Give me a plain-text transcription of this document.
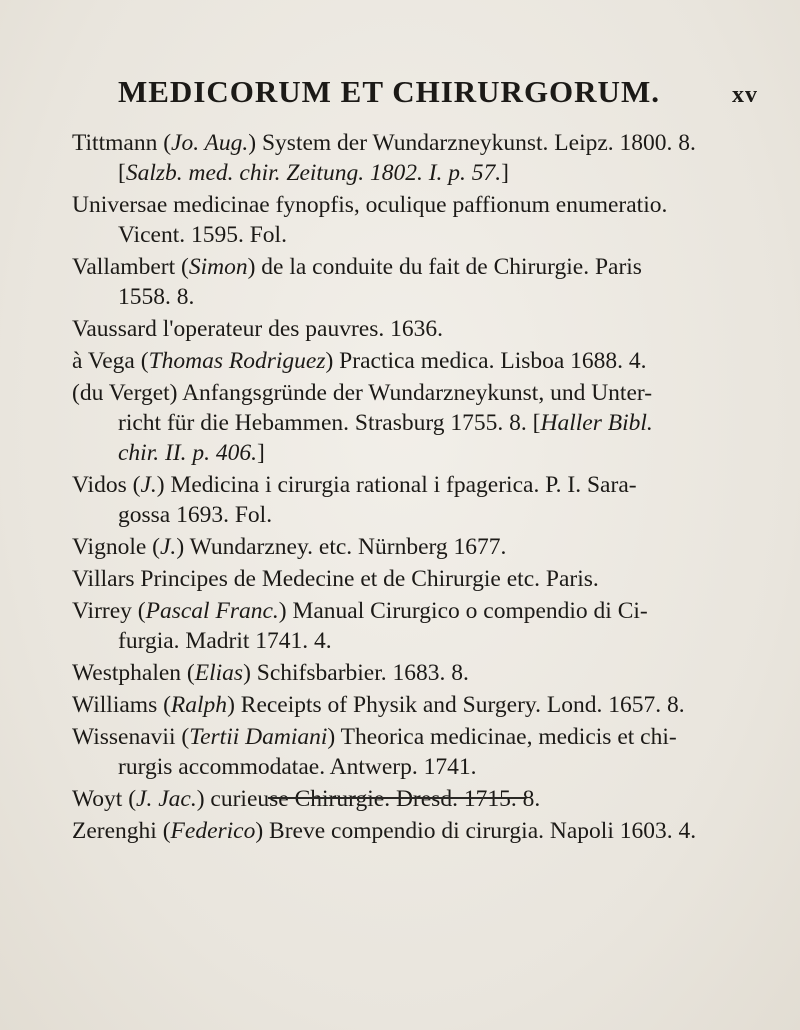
MEDICORUM ET CHIRURGORUM.	xv
Tittmann (Jo. Aug.) System der Wundarzneykunst. Leipz. 1800. 8.
[Salzb. med. chir. Zeitung. 1802. I. p. 57.]
Universae medicinae fynopfis, oculique paffionum enumeratio.
Vicent. 1595. Fol.
Vallambert (Simon) de la conduite du fait de Chirurgie. Paris
1558. 8.
Vaussard l'operateur des pauvres. 1636.
à Vega (Thomas Rodriguez) Practica medica. Lisboa 1688. 4.
(du Verget) Anfangsgründe der Wundarzneykunst, und Unter-
richt für die Hebammen. Strasburg 1755. 8. [Haller Bibl.
chir. II. p. 406.]
Vidos (J.) Medicina i cirurgia rational i fpagerica. P. I. Sara-
gossa 1693. Fol.
Vignole (J.) Wundarzney. etc. Nürnberg 1677.
Villars Principes de Medecine et de Chirurgie etc. Paris.
Virrey (Pascal Franc.) Manual Cirurgico o compendio di Ci-
furgia. Madrit 1741. 4.
Westphalen (Elias) Schifsbarbier. 1683. 8.
Williams (Ralph) Receipts of Physik and Surgery. Lond. 1657. 8.
Wissenavii (Tertii Damiani) Theorica medicinae, medicis et chi-
rurgis accommodatae. Antwerp. 1741.
Woyt (J. Jac.) curieuse Chirurgie. Dresd. 1715. 8.
Zerenghi (Federico) Breve compendio di cirurgia. Napoli 1603. 4.
